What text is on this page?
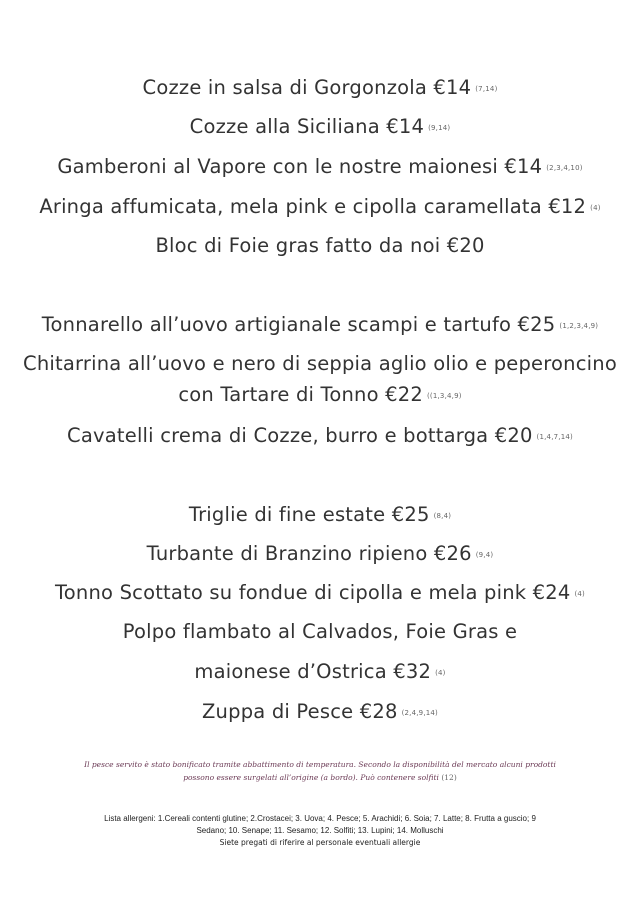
Cozze in salsa di Gorgonzola €14 (7,14)
Cozze alla Siciliana €14 (9,14)
Gamberoni al Vapore con le nostre maionesi €14 (2,3,4,10)
Aringa affumicata, mela pink e cipolla caramellata €12 (4)
Bloc di Foie gras fatto da noi €20
Tonnarello all’uovo artigianale scampi e tartufo €25 (1,2,3,4,9)
Chitarrina all’uovo e nero di seppia aglio olio e peperoncino
con Tartare di Tonno €22 ((1,3,4,9)
Cavatelli crema di Cozze, burro e bottarga €20 (1,4,7,14)
Triglie di fine estate €25 (8,4)
Turbante di Branzino ripieno €26 (9,4)
Tonno Scottato su fondue di cipolla e mela pink €24 (4)
Polpo flambato al Calvados, Foie Gras e
maionese d’Ostrica €32 (4)
Zuppa di Pesce €28 (2,4,9,14)
Il pesce servito è stato bonificato tramite abbattimento di temperatura. Secondo la disponibilità del mercato alcuni prodotti
possono essere surgelati all’origine (a bordo). Può contenere solfiti (12)
Lista allergeni: 1.Cereali contenti glutine; 2.Crostacei; 3. Uova; 4. Pesce; 5. Arachidi; 6. Soia; 7. Latte; 8. Frutta a guscio; 9
Sedano; 10. Senape; 11. Sesamo; 12. Solfiti; 13. Lupini; 14. Molluschi
Siete pregati di riferire al personale eventuali allergie
